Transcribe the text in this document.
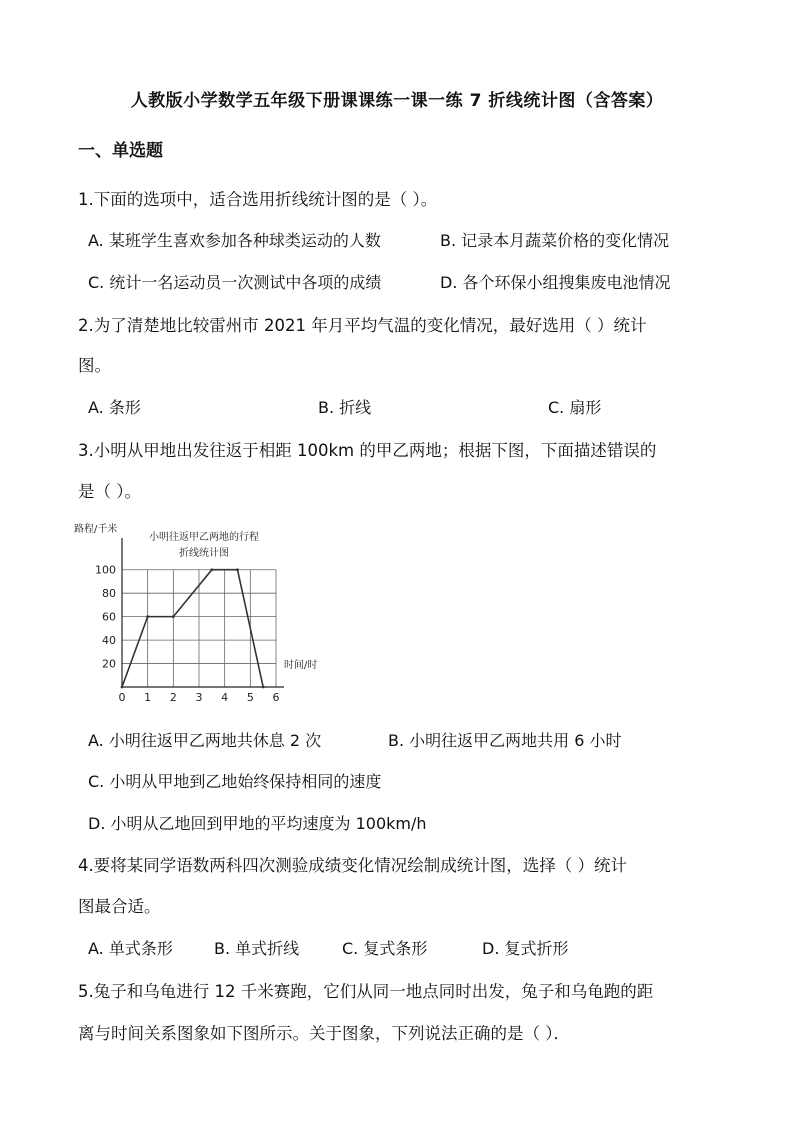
人教版小学数学五年级下册课课练一课一练 7 折线统计图（含答案）
一、单选题
1.下面的选项中，适合选用折线统计图的是（ ）。
A. 某班学生喜欢参加各种球类运动的人数	B. 记录本月蔬菜价格的变化情况
C. 统计一名运动员一次测试中各项的成绩	D. 各个环保小组搜集废电池情况
2.为了清楚地比较雷州市 2021 年月平均气温的变化情况，最好选用（ ）统计
图。
A. 条形	B. 折线	C. 扇形
3.小明从甲地出发往返于相距 100km 的甲乙两地；根据下图，下面描述错误的
是（ ）。
路程/千米
小明往返甲乙两地的行程
折线统计图
时间/时
20
40
60
80
100
0 1 2 3 4 5 6
A. 小明往返甲乙两地共休息 2 次	B. 小明往返甲乙两地共用 6 小时
C. 小明从甲地到乙地始终保持相同的速度
D. 小明从乙地回到甲地的平均速度为 100km/h
4.要将某同学语数两科四次测验成绩变化情况绘制成统计图，选择（ ）统计
图最合适。
A. 单式条形	B. 单式折线	C. 复式条形	D. 复式折形
5.兔子和乌龟进行 12 千米赛跑，它们从同一地点同时出发，兔子和乌龟跑的距
离与时间关系图象如下图所示。关于图象，下列说法正确的是（ ）．
